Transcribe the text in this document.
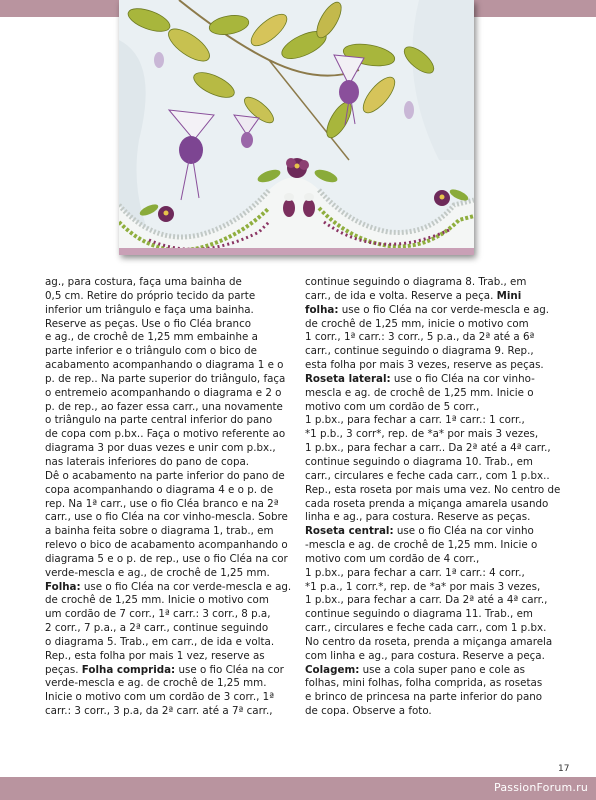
ag., para costura, faça uma bainha de

0,5 cm. Retire do próprio tecido da parte

inferior um triângulo e faça uma bainha.

Reserve as peças. Use o fio Cléa branco

e ag., de crochê de 1,25 mm embainhe a

parte inferior e o triângulo com o bico de

acabamento acompanhando o diagrama 1 e o

p. de rep.. Na parte superior do triângulo, faça

o entremeio acompanhando o diagrama e 2 o

p. de rep., ao fazer essa carr., una novamente

o triângulo na parte central inferior do pano

de copa com p.bx.. Faça o motivo referente ao

diagrama 3 por duas vezes e unir com p.bx.,

nas laterais inferiores do pano de copa.

Dê o acabamento na parte inferior do pano de

copa acompanhando o diagrama 4 e o p. de

rep. Na 1ª carr., use o fio Cléa branco e na 2ª

carr., use o fio Cléa na cor vinho-mescla. Sobre

a bainha feita sobre o diagrama 1, trab., em

relevo o bico de acabamento acompanhando o

diagrama 5 e o p. de rep., use o fio Cléa na cor

verde-mescla e ag., de crochê de 1,25 mm.

Folha: use o fio Cléa na cor verde-mescla e ag.

de crochê de 1,25 mm. Inicie o motivo com

um cordão de 7 corr., 1ª carr.: 3 corr., 8 p.a,

2 corr., 7 p.a., a 2ª carr., continue seguindo

o diagrama 5. Trab., em carr., de ida e volta.

Rep., esta folha por mais 1 vez, reserve as

peças. Folha comprida: use o fio Cléa na cor

verde-mescla e ag. de crochê de 1,25 mm.

Inicie o motivo com um cordão de 3 corr., 1ª

carr.: 3 corr., 3 p.a, da 2ª carr. até a 7ª carr.,

continue seguindo o diagrama 8. Trab., em

carr., de ida e volta. Reserve a peça. Mini

folha: use o fio Cléa na cor verde-mescla e ag.

de crochê de 1,25 mm, inicie o motivo com

1 corr., 1ª carr.: 3 corr., 5 p.a., da 2ª até a 6ª

carr., continue seguindo o diagrama 9. Rep.,

esta folha por mais 3 vezes, reserve as peças.

Roseta lateral: use o fio Cléa na cor vinho-

mescla e ag. de crochê de 1,25 mm. Inicie o

motivo com um cordão de 5 corr.,

1 p.bx., para fechar a carr. 1ª carr.: 1 corr.,

*1 p.b., 3 corr*, rep. de *a* por mais 3 vezes,

1 p.bx., para fechar a carr.. Da 2ª até a 4ª carr.,

continue seguindo o diagrama 10. Trab., em

carr., circulares e feche cada carr., com 1 p.bx..

Rep., esta roseta por mais uma vez. No centro de

cada roseta prenda a miçanga amarela usando

linha e ag., para costura. Reserve as peças.

Roseta central: use o fio Cléa na cor vinho

-mescla e ag. de crochê de 1,25 mm. Inicie o

motivo com um cordão de 4 corr.,

1 p.bx., para fechar a carr. 1ª carr.: 4 corr.,

*1 p.a., 1 corr.*, rep. de *a* por mais 3 vezes,

1 p.bx., para fechar a carr. Da 2ª até a 4ª carr.,

continue seguindo o diagrama 11. Trab., em

carr., circulares e feche cada carr., com 1 p.bx.

No centro da roseta, prenda a miçanga amarela

com linha e ag., para costura. Reserve a peça.

Colagem: use a cola super pano e cole as

folhas, mini folhas, folha comprida, as rosetas

e brinco de princesa na parte inferior do pano

de copa. Observe a foto.

17
PassionForum.ru
